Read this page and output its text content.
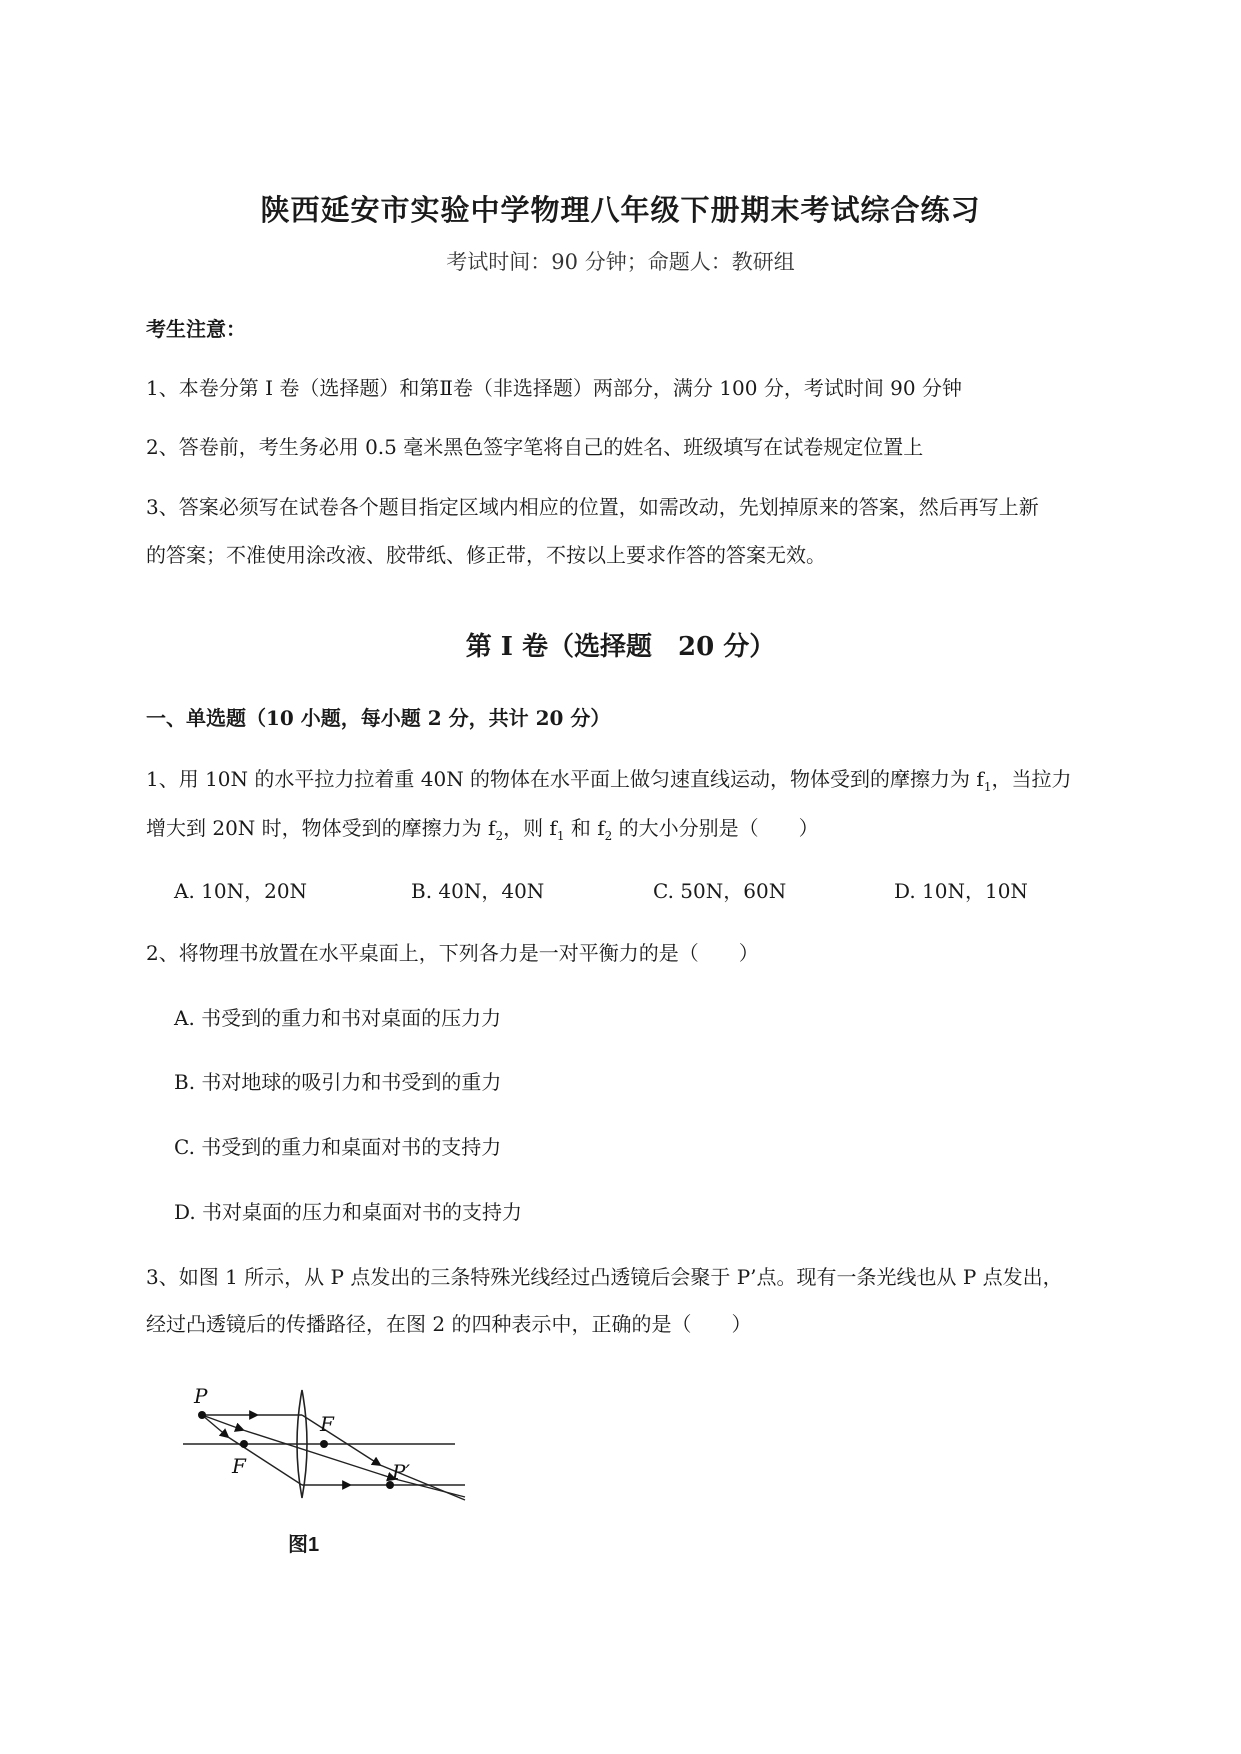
陕西延安市实验中学物理八年级下册期末考试综合练习
考试时间：90 分钟；命题人：教研组
考生注意：
1、本卷分第 I 卷（选择题）和第Ⅱ卷（非选择题）两部分，满分 100 分，考试时间 90 分钟
2、答卷前，考生务必用 0.5 毫米黑色签字笔将自己的姓名、班级填写在试卷规定位置上
3、答案必须写在试卷各个题目指定区域内相应的位置，如需改动，先划掉原来的答案，然后再写上新
的答案；不准使用涂改液、胶带纸、修正带，不按以上要求作答的答案无效。
第 I 卷（选择题　20 分）
一、单选题（10 小题，每小题 2 分，共计 20 分）
1、用 10N 的水平拉力拉着重 40N 的物体在水平面上做匀速直线运动，物体受到的摩擦力为 $f_1$，当拉力
增大到 20N 时，物体受到的摩擦力为 $f_2$，则 $f_1$ 和 $f_2$ 的大小分别是（　　）
A. 10N，20N	B. 40N，40N	C. 50N，60N	D. 10N，10N
2、将物理书放置在水平桌面上，下列各力是一对平衡力的是（　　）
A. 书受到的重力和书对桌面的压力力
B. 书对地球的吸引力和书受到的重力
C. 书受到的重力和桌面对书的支持力
D. 书对桌面的压力和桌面对书的支持力
3、如图 1 所示，从 P 点发出的三条特殊光线经过凸透镜后会聚于 P’点。现有一条光线也从 P 点发出，
经过凸透镜后的传播路径，在图 2 的四种表示中，正确的是（　　）
P
F
F
P′
图1
